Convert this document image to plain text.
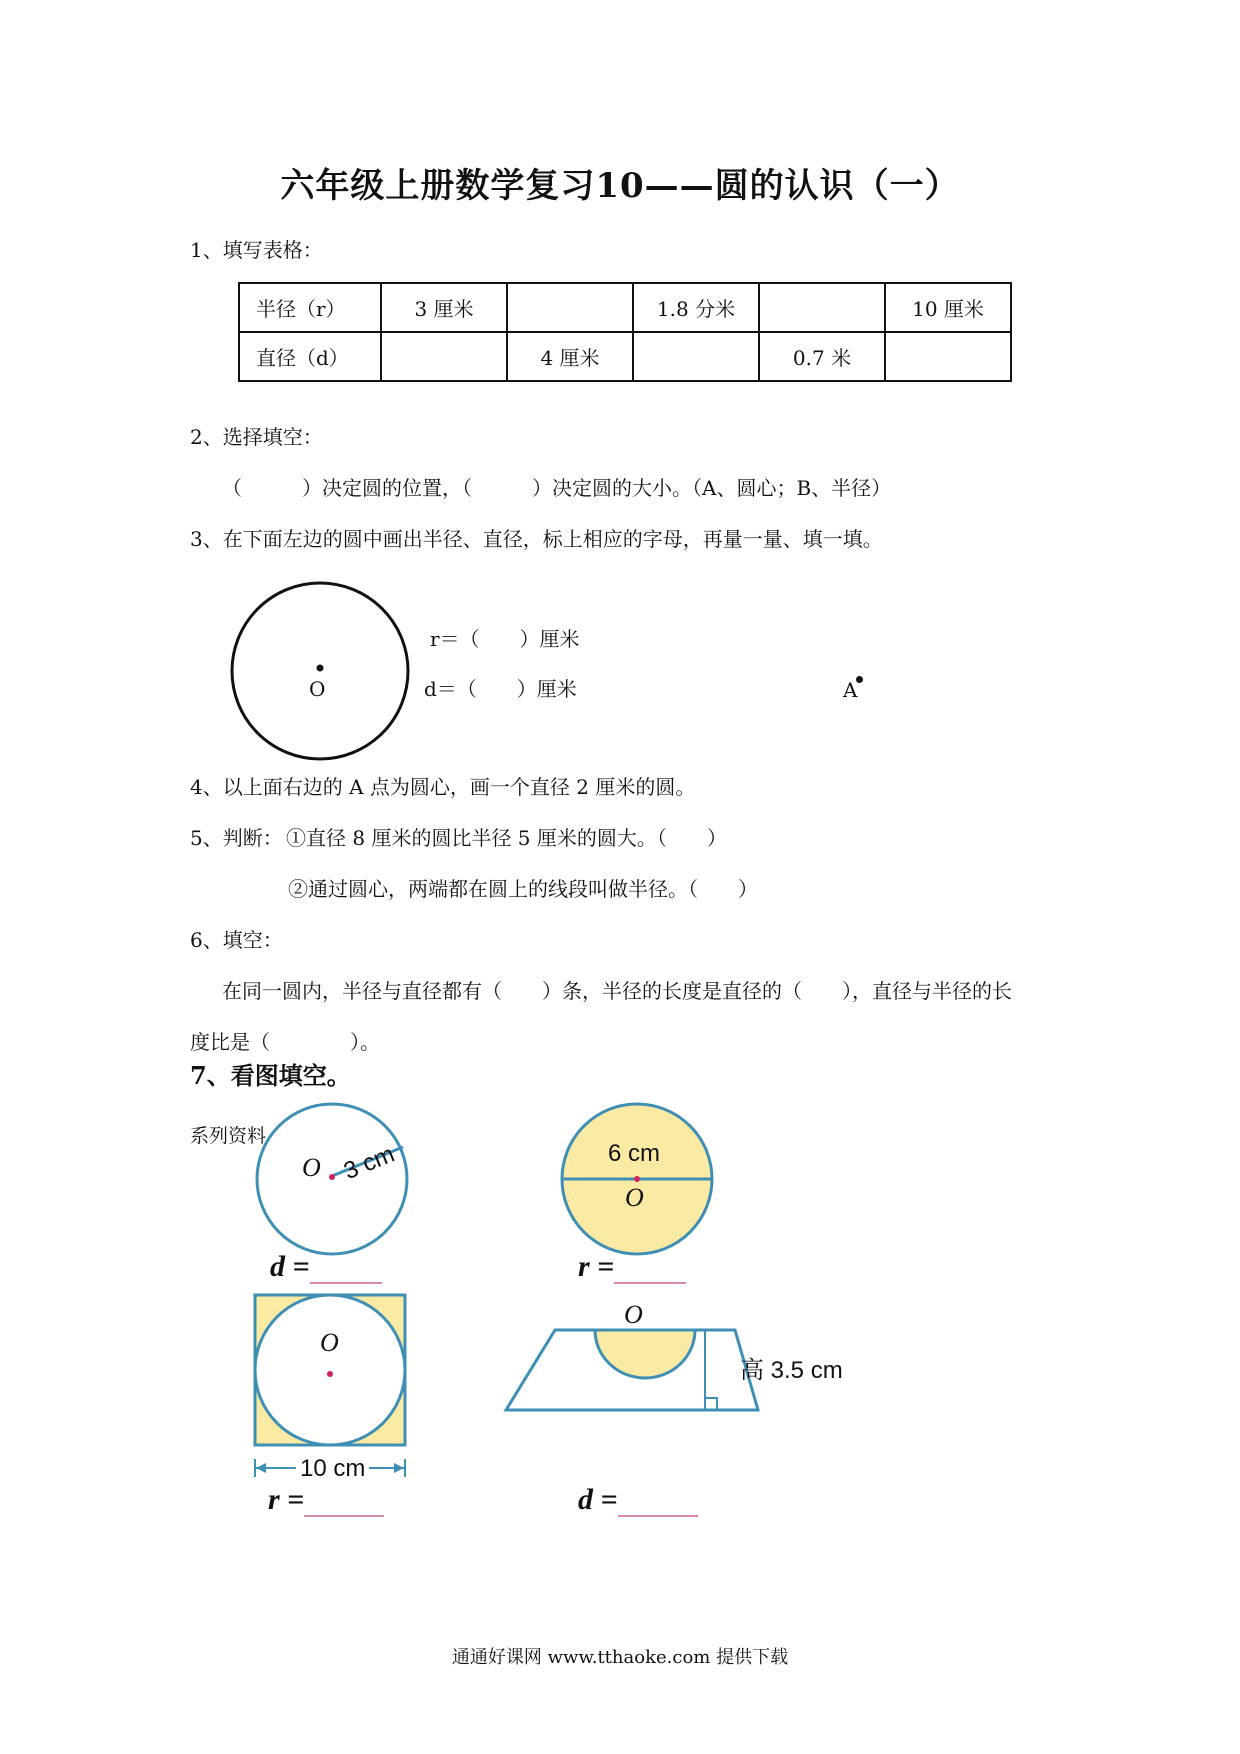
六年级上册数学复习10——圆的认识（一）
1、填写表格：
半径（r）	3 厘米		1.8 分米		10 厘米
直径（d）		4 厘米		0.7 米	
2、选择填空：
（　　　）决定圆的位置，（　　　）决定圆的大小。（A、圆心；B、半径）
3、在下面左边的圆中画出半径、直径，标上相应的字母，再量一量、填一填。
O
r＝（　　）厘米
d＝（　　）厘米	A
4、以上面右边的 A 点为圆心，画一个直径 2 厘米的圆。
5、判断： ①直径 8 厘米的圆比半径 5 厘米的圆大。（　　）
②通过圆心，两端都在圆上的线段叫做半径。（　　）
6、填空：
在同一圆内，半径与直径都有（　　）条，半径的长度是直径的（　　），直径与半径的长
度比是（　　　　）。
7、看图填空。
系列资料
O 3 cm
d =
6 cm
O
r =
O
10 cm
r =
O
高 3.5 cm
d =
通通好课网 www.tthaoke.com 提供下载
